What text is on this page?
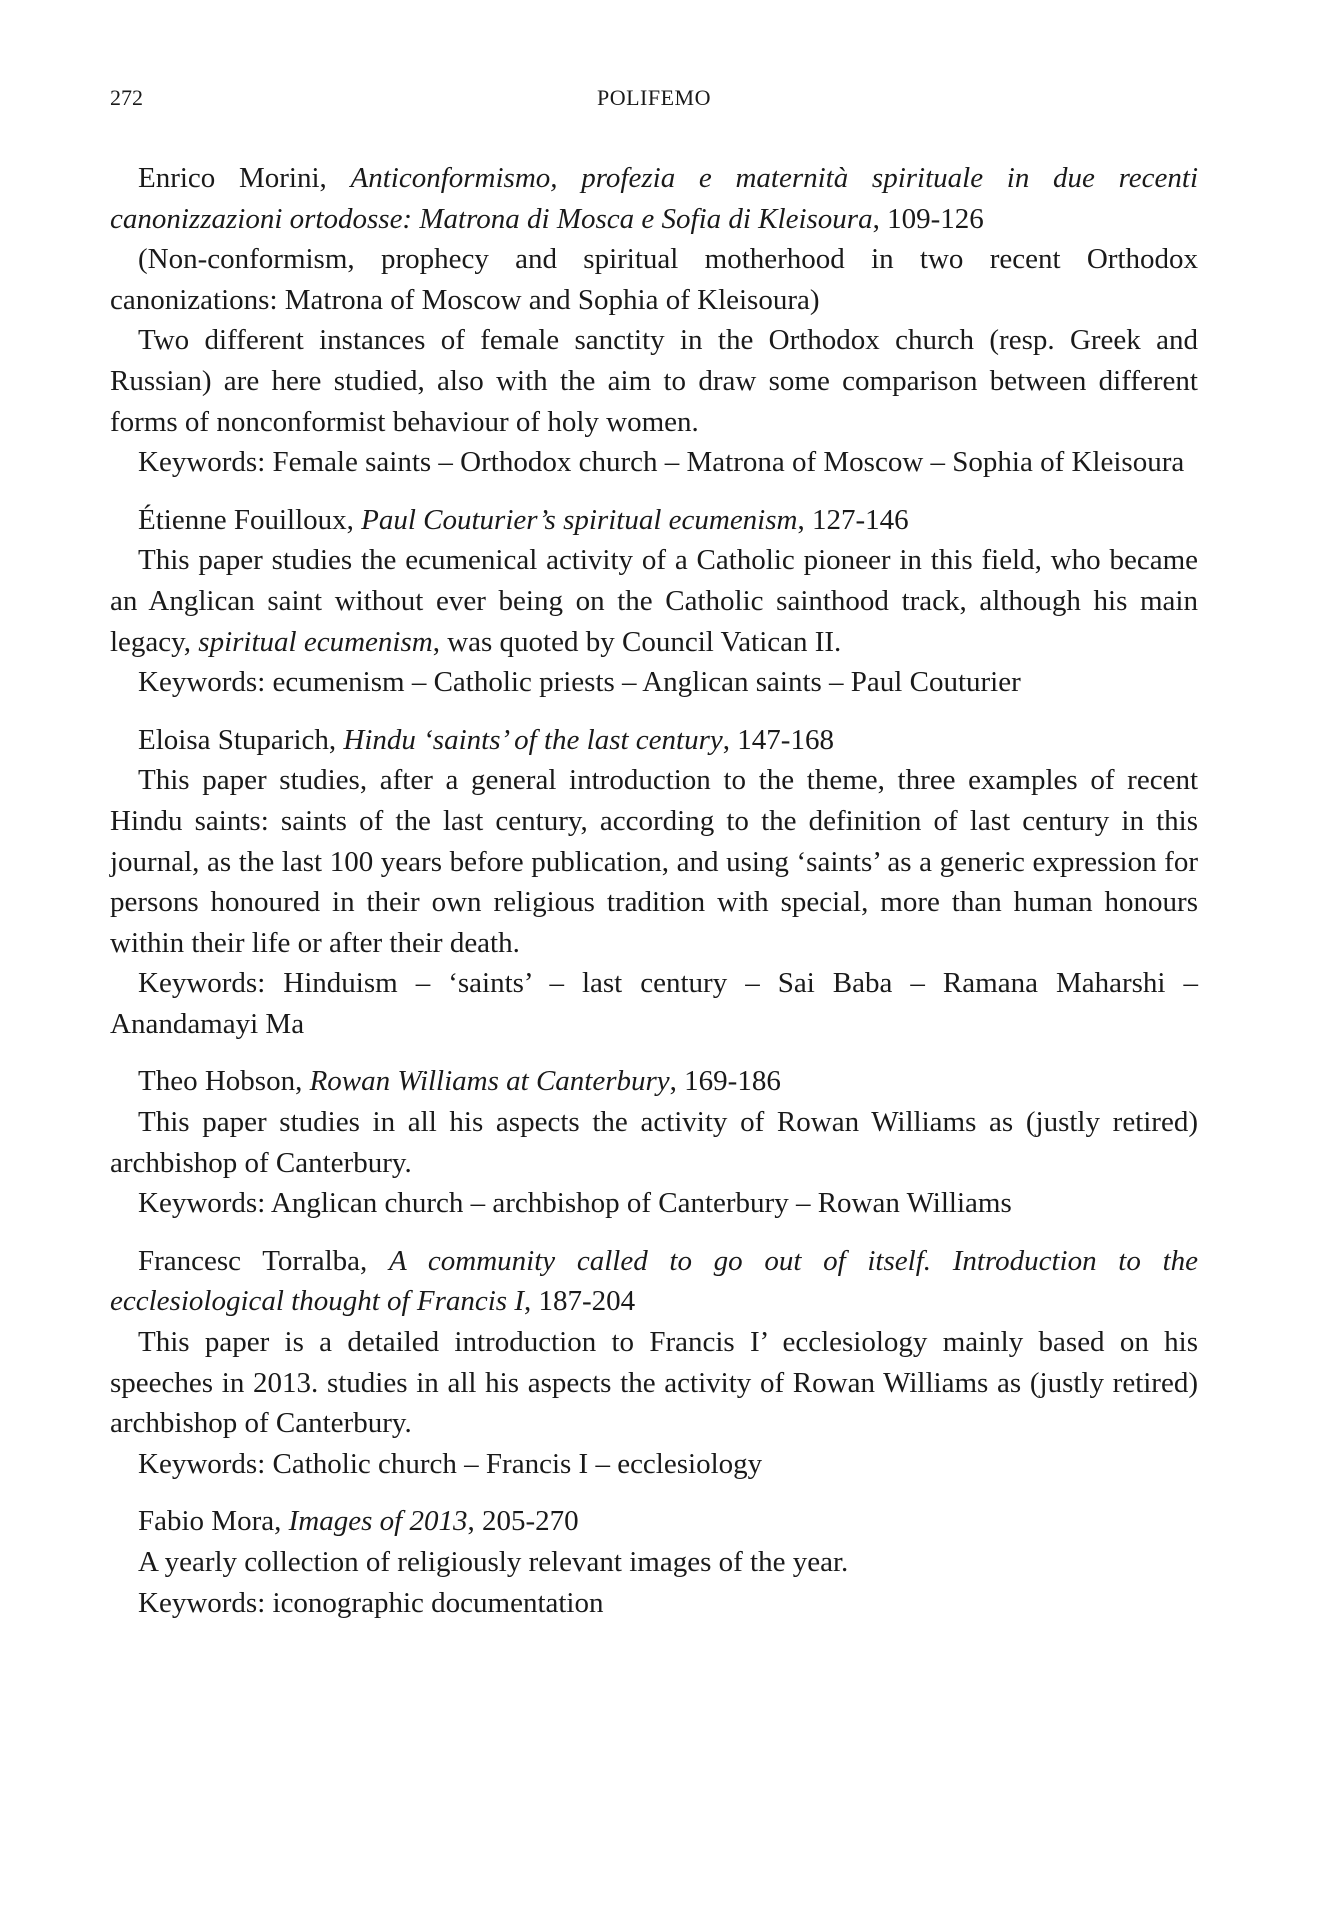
272	POLIFEMO

Enrico Morini , Anticonformismo, profezia e maternità spirituale in due recenti canonizzazioni ortodosse: Matrona di Mosca e Sofia di Kleisoura , 109-126

(Non-conformism, prophecy and spiritual motherhood in two recent Orthodox canonizations: Matrona of Moscow and Sophia of Kleisoura)

Two different instances of female sanctity in the Orthodox church (resp. Greek and Russian) are here studied, also with the aim to draw some comparison between different forms of nonconformist behaviour of holy women.

Keywords: Female saints – Orthodox church – Matrona of Moscow – Sophia of Kleisoura

Étienne Fouilloux , Paul Couturier’s spiritual ecumenism , 127-146

This paper studies the ecumenical activity of a Catholic pioneer in this field, who became an Anglican saint without ever being on the Catholic sainthood track, although his main legacy, spiritual ecumenism, was quoted by Council Vatican II.

Keywords: ecumenism – Catholic priests – Anglican saints – Paul Couturier

Eloisa Stuparich , Hindu ‘saints’ of the last century , 147-168

This paper studies, after a general introduction to the theme, three examples of recent Hindu saints: saints of the last century, according to the definition of last century in this journal, as the last 100 years before publication, and using ‘saints’ as a generic expression for persons honoured in their own religious tradition with special, more than human honours within their life or after their death.

Keywords: Hinduism – ‘saints’ – last century – Sai Baba – Ramana Maharshi – Anandamayi Ma

Theo Hobson , Rowan Williams at Canterbury , 169-186

This paper studies in all his aspects the activity of Rowan Williams as (justly retired) archbishop of Canterbury.

Keywords: Anglican church – archbishop of Canterbury – Rowan Williams

Francesc Torralba , A community called to go out of itself. Introduction to the ecclesiological thought of Francis I , 187-204

This paper is a detailed introduction to Francis I’ ecclesiology mainly based on his speeches in 2013. studies in all his aspects the activity of Rowan Williams as (justly retired) archbishop of Canterbury.

Keywords: Catholic church – Francis I – ecclesiology

Fabio Mora , Images of 2013 , 205-270

A yearly collection of religiously relevant images of the year.

Keywords: iconographic documentation
